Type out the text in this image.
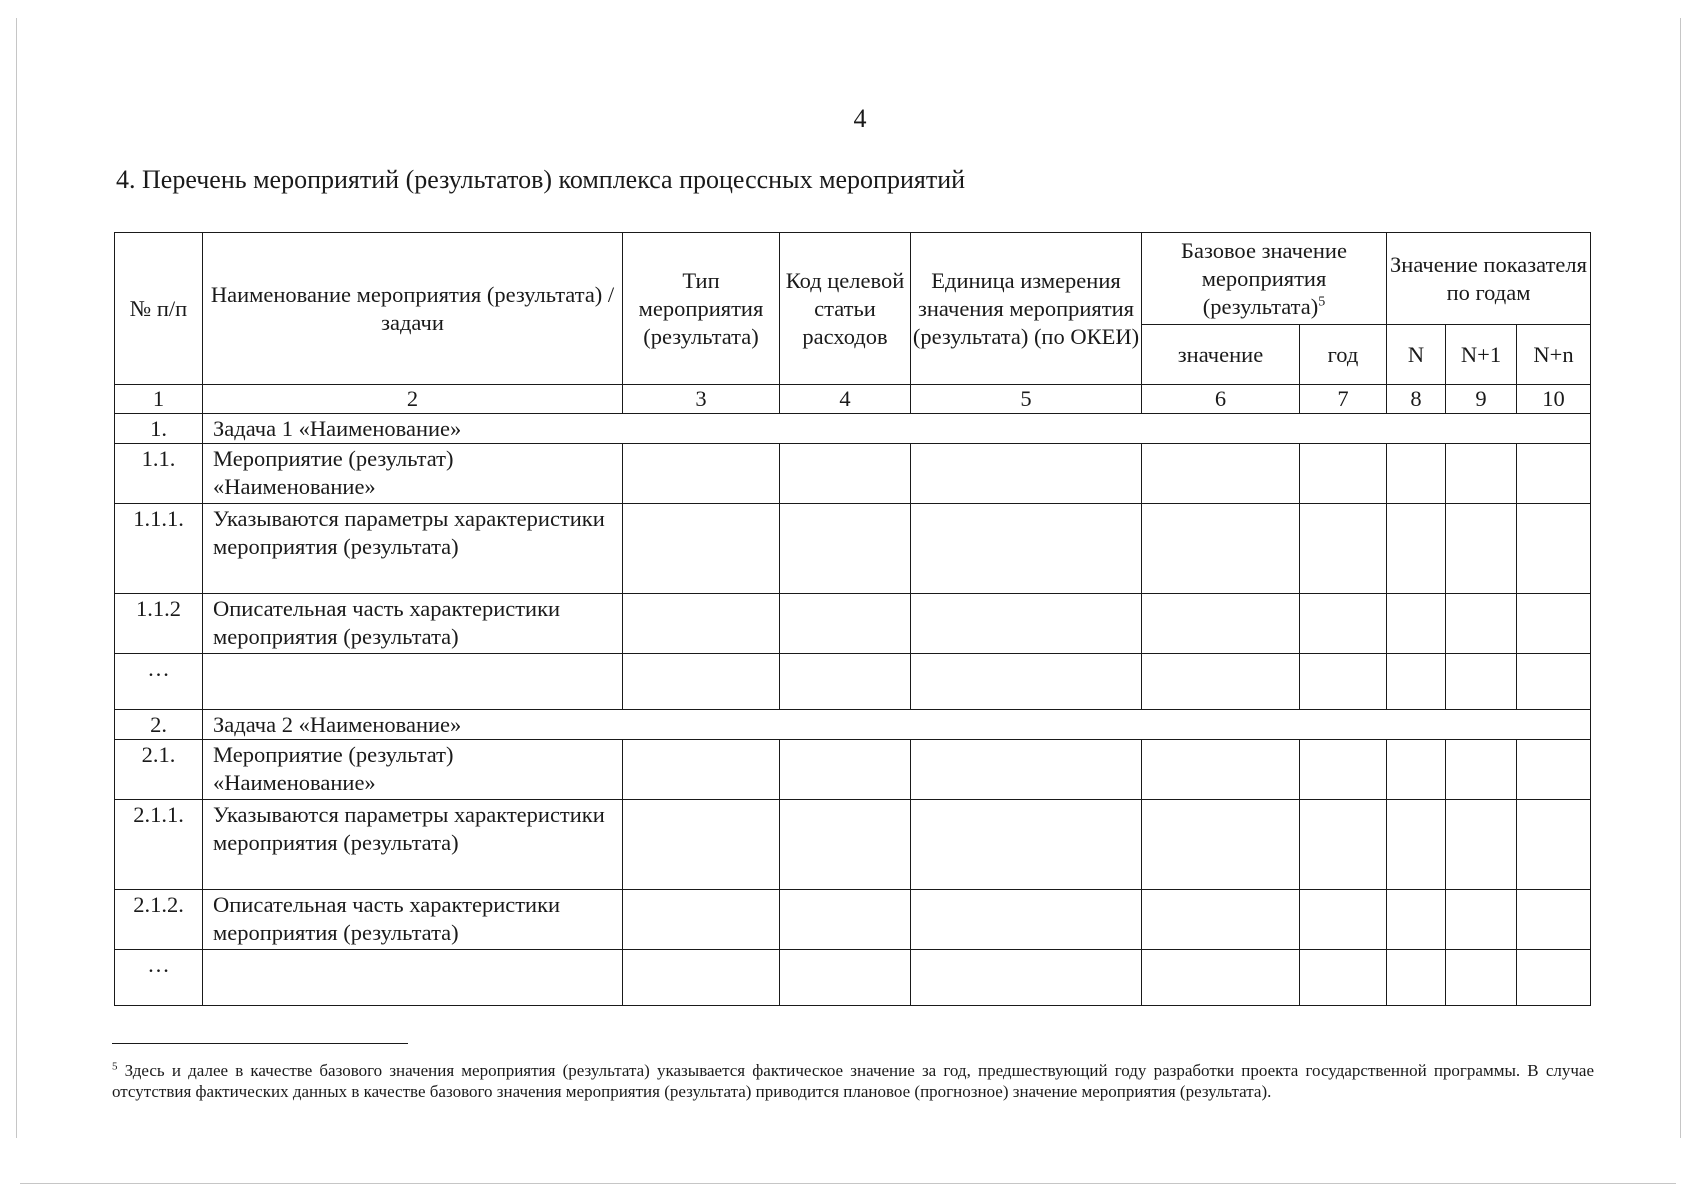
4
4. Перечень мероприятий (результатов) комплекса процессных мероприятий
№ п/п	Наименование мероприятия (результата) / задачи	Тип мероприятия (результата)	Код целевой статьи расходов	Единица измерения значения мероприятия (результата) (по ОКЕИ)	Базовое значение мероприятия (результата)$^5$		Значение показателя по годам		
					значение	год	N	N+1	N+n
1	2	3	4	5	6	7	8	9	10
1.	Задача 1 «Наименование»								
1.1.	Мероприятие (результат) «Наименование»								
1.1.1.	Указываются параметры характеристики мероприятия (результата)								
1.1.2	Описательная часть характеристики мероприятия (результата)								
…									
2.	Задача 2 «Наименование»								
2.1.	Мероприятие (результат) «Наименование»								
2.1.1.	Указываются параметры характеристики мероприятия (результата)								
2.1.2.	Описательная часть характеристики мероприятия (результата)								
…									

$^5$ Здесь и далее в качестве базового значения мероприятия (результата) указывается фактическое значение за год, предшествующий году разработки проекта государственной программы. В случае отсутствия фактических данных в качестве базового значения мероприятия (результата) приводится плановое (прогнозное) значение мероприятия (результата).
